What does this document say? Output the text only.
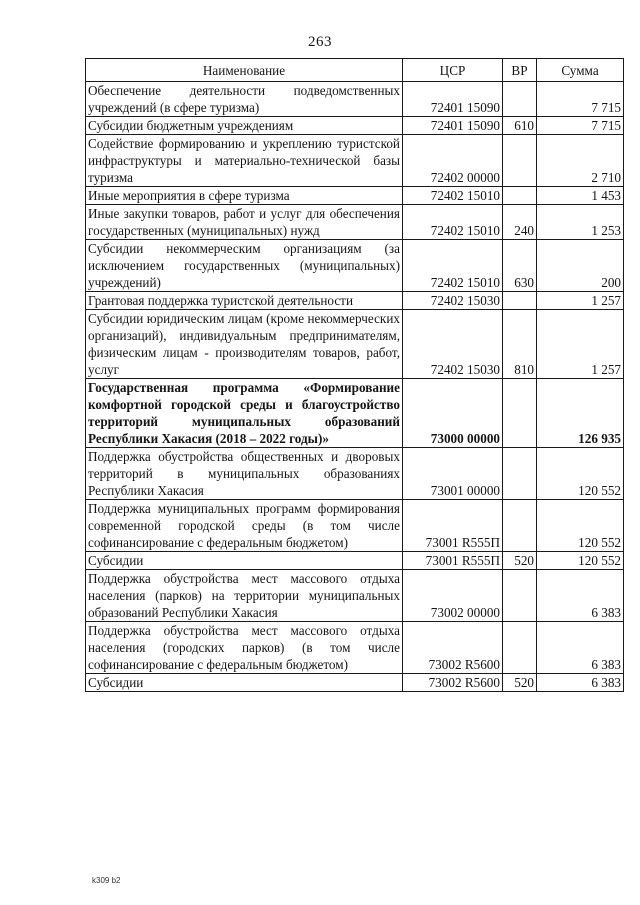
263
Наименование	ЦСР	ВР	Сумма
Обеспечение деятельности подведомственных учреждений (в сфере туризма)	72401 15090		7 715
Субсидии бюджетным учреждениям	72401 15090	610	7 715
Содействие формированию и укреплению туристской инфраструктуры и материально-технической базы туризма	72402 00000		2 710
Иные мероприятия в сфере туризма	72402 15010		1 453
Иные закупки товаров, работ и услуг для обеспечения государственных (муниципальных) нужд	72402 15010	240	1 253
Субсидии некоммерческим организациям (за исключением государственных (муниципальных) учреждений)	72402 15010	630	200
Грантовая поддержка туристской деятельности	72402 15030		1 257
Субсидии юридическим лицам (кроме некоммерческих организаций), индивидуальным предпринимателям, физическим лицам - производителям товаров, работ, услуг	72402 15030	810	1 257
Государственная программа «Формирование комфортной городской среды и благоустройство территорий муниципальных образований Республики Хакасия (2018 – 2022 годы)»	73000 00000		126 935
Поддержка обустройства общественных и дворовых территорий в муниципальных образованиях Республики Хакасия	73001 00000		120 552
Поддержка муниципальных программ формирования современной городской среды (в том числе софинансирование с федеральным бюджетом)	73001 R555П		120 552
Субсидии	73001 R555П	520	120 552
Поддержка обустройства мест массового отдыха населения (парков) на территории муниципальных образований Республики Хакасия	73002 00000		6 383
Поддержка обустройства мест массового отдыха населения (городских парков) (в том числе софинансирование с федеральным бюджетом)	73002 R5600		6 383
Субсидии	73002 R5600	520	6 383
k309 b2
